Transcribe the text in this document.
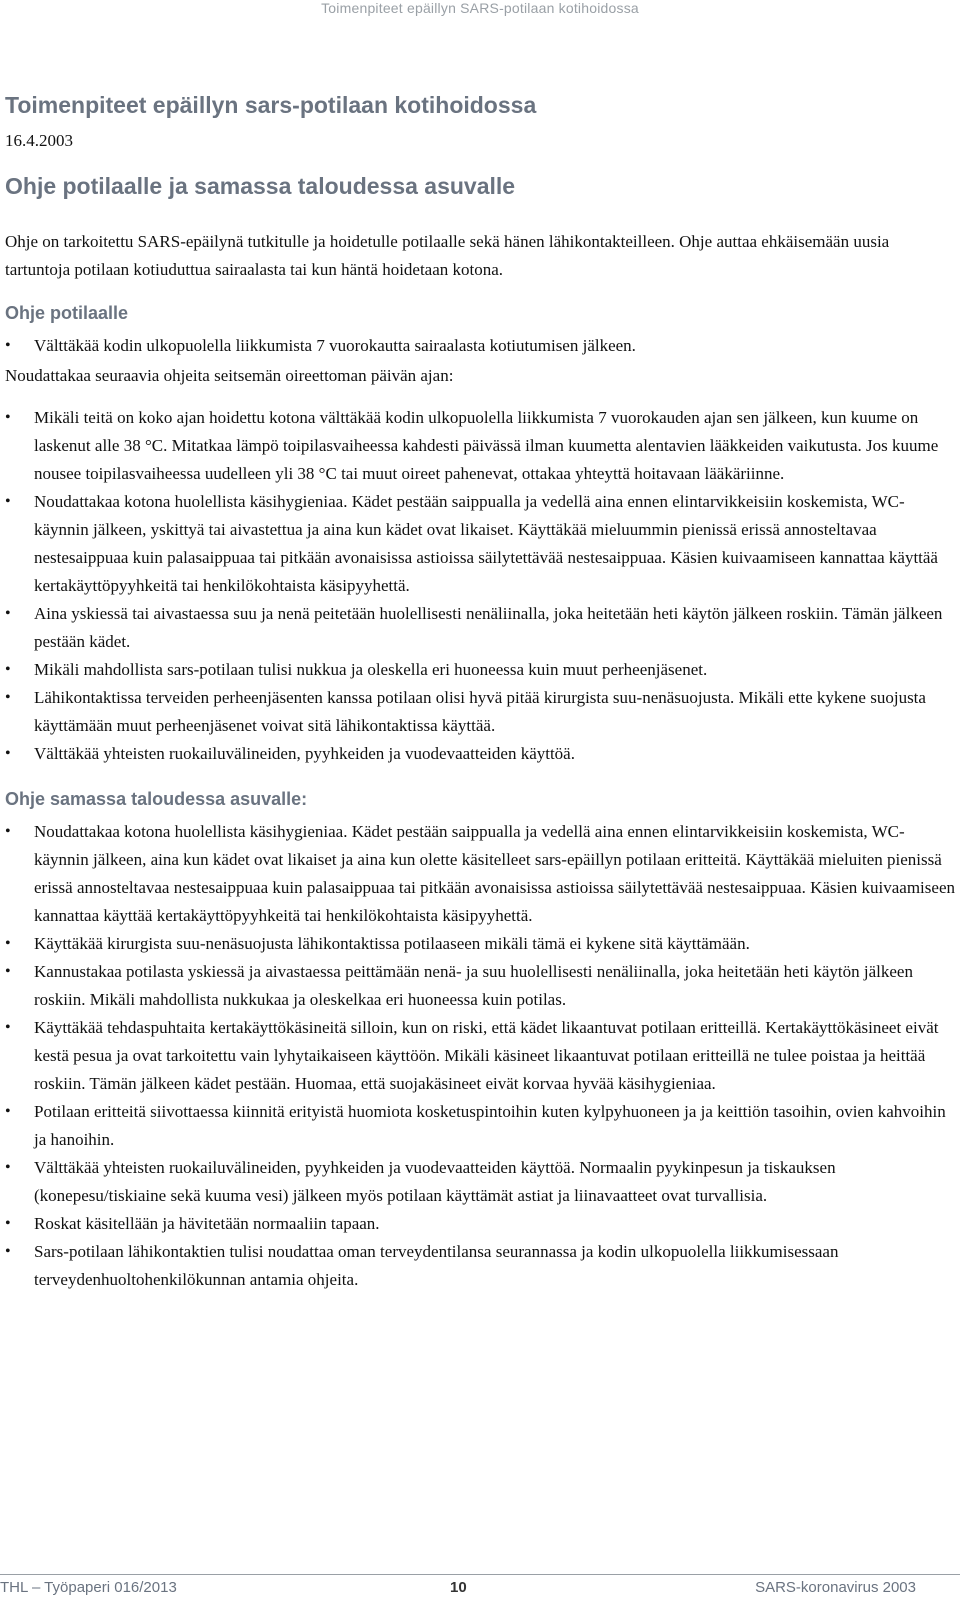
Toimenpiteet epäillyn SARS-potilaan kotihoidossa
Toimenpiteet epäillyn sars-potilaan kotihoidossa
16.4.2003
Ohje potilaalle ja samassa taloudessa asuvalle

Ohje on tarkoitettu SARS-epäilynä tutkitulle ja hoidetulle potilaalle sekä hänen lähikontakteilleen. Ohje auttaa ehkäisemään uusia tartuntoja potilaan kotiuduttua sairaalasta tai kun häntä hoidetaan kotona.

Ohje potilaalle
• Välttäkää kodin ulkopuolella liikkumista 7 vuorokautta sairaalasta kotiutumisen jälkeen.

Noudattakaa seuraavia ohjeita seitsemän oireettoman päivän ajan:

• Mikäli teitä on koko ajan hoidettu kotona välttäkää kodin ulkopuolella liikkumista 7 vuorokauden ajan sen jälkeen, kun kuume on laskenut alle 38 °C. Mitatkaa lämpö toipilasvaiheessa kahdesti päivässä ilman kuumetta alentavien lääkkeiden vaikutusta. Jos kuume nousee toipilasvaiheessa uudelleen yli 38 °C tai muut oireet pahenevat, ottakaa yhteyttä hoitavaan lääkäriinne.
• Noudattakaa kotona huolellista käsihygieniaa. Kädet pestään saippualla ja vedellä aina ennen elintarvikkeisiin koskemista, WC-käynnin jälkeen, yskittyä tai aivastettua ja aina kun kädet ovat likaiset. Käyttäkää mieluummin pienissä erissä annosteltavaa nestesaippuaa kuin palasaippuaa tai pitkään avonaisissa astioissa säilytettävää nestesaippuaa. Käsien kuivaamiseen kannattaa käyttää kertakäyttöpyyhkeitä tai henkilökohtaista käsipyyhettä.
• Aina yskiessä tai aivastaessa suu ja nenä peitetään huolellisesti nenäliinalla, joka heitetään heti käytön jälkeen roskiin. Tämän jälkeen pestään kädet.
• Mikäli mahdollista sars-potilaan tulisi nukkua ja oleskella eri huoneessa kuin muut perheenjäsenet.
• Lähikontaktissa terveiden perheenjäsenten kanssa potilaan olisi hyvä pitää kirurgista suu-nenäsuojusta. Mikäli ette kykene suojusta käyttämään muut perheenjäsenet voivat sitä lähikontaktissa käyttää.
• Välttäkää yhteisten ruokailuvälineiden, pyyhkeiden ja vuodevaatteiden käyttöä.
Ohje samassa taloudessa asuvalle:
• Noudattakaa kotona huolellista käsihygieniaa. Kädet pestään saippualla ja vedellä aina ennen elintarvikkeisiin koskemista, WC-käynnin jälkeen, aina kun kädet ovat likaiset ja aina kun olette käsitelleet sars-epäillyn potilaan eritteitä. Käyttäkää mieluiten pienissä erissä annosteltavaa nestesaippuaa kuin palasaippuaa tai pitkään avonaisissa astioissa säilytettävää nestesaippuaa. Käsien kuivaamiseen kannattaa käyttää kertakäyttöpyyhkeitä tai henkilökohtaista käsipyyhettä.
• Käyttäkää kirurgista suu-nenäsuojusta lähikontaktissa potilaaseen mikäli tämä ei kykene sitä käyttämään.
• Kannustakaa potilasta yskiessä ja aivastaessa peittämään nenä- ja suu huolellisesti nenäliinalla, joka heitetään heti käytön jälkeen roskiin. Mikäli mahdollista nukkukaa ja oleskelkaa eri huoneessa kuin potilas.
• Käyttäkää tehdaspuhtaita kertakäyttökäsineitä silloin, kun on riski, että kädet likaantuvat potilaan eritteillä. Kertakäyttökäsineet eivät kestä pesua ja ovat tarkoitettu vain lyhytaikaiseen käyttöön. Mikäli käsineet likaantuvat potilaan eritteillä ne tulee poistaa ja heittää roskiin. Tämän jälkeen kädet pestään. Huomaa, että suojakäsineet eivät korvaa hyvää käsihygieniaa.
• Potilaan eritteitä siivottaessa kiinnitä erityistä huomiota kosketuspintoihin kuten kylpyhuoneen ja ja keittiön tasoihin, ovien kahvoihin ja hanoihin.
• Välttäkää yhteisten ruokailuvälineiden, pyyhkeiden ja vuodevaatteiden käyttöä. Normaalin pyykinpesun ja tiskauksen (konepesu/tiskiaine sekä kuuma vesi) jälkeen myös potilaan käyttämät astiat ja liinavaatteet ovat turvallisia.
• Roskat käsitellään ja hävitetään normaaliin tapaan.
• Sars-potilaan lähikontaktien tulisi noudattaa oman terveydentilansa seurannassa ja kodin ulkopuolella liikkumisessaan terveydenhuoltohenkilökunnan antamia ohjeita.
THL – Työpaperi 016/2013	10	SARS-koronavirus 2003
